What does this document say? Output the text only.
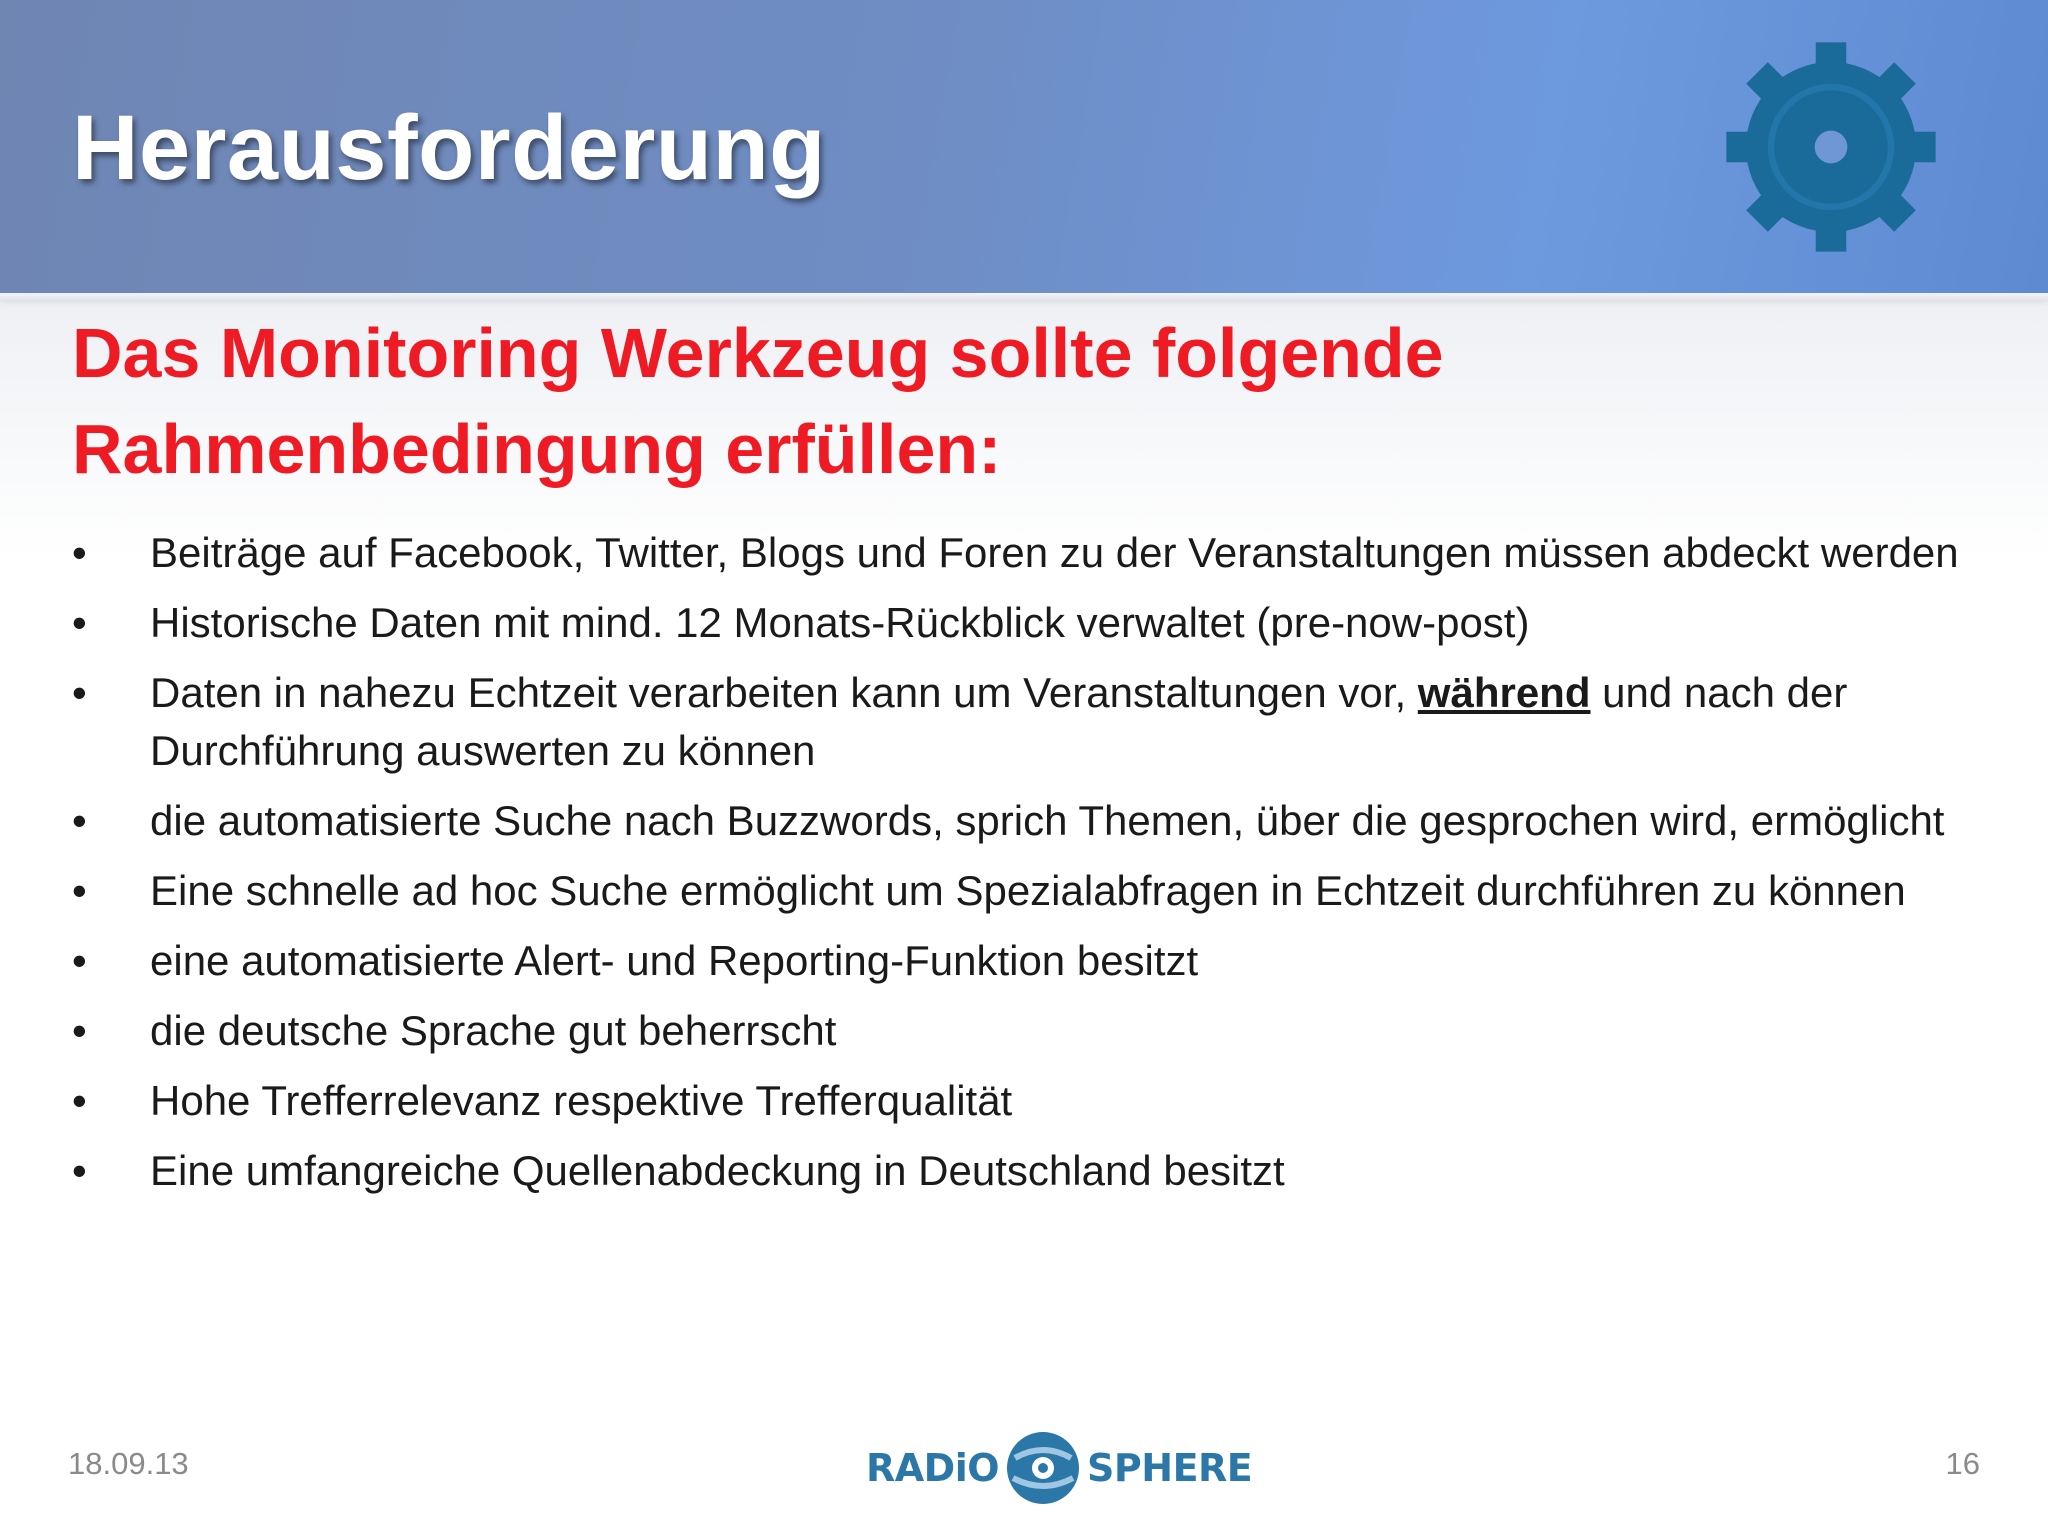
Herausforderung
Das Monitoring Werkzeug sollte folgende
Rahmenbedingung erfüllen:
•	Beiträge auf Facebook, Twitter, Blogs und Foren zu der Veranstaltungen müssen abdeckt werden
•	Historische Daten mit mind. 12 Monats-Rückblick verwaltet (pre-now-post)
•	Daten in nahezu Echtzeit verarbeiten kann um Veranstaltungen vor, während und nach der Durchführung auswerten zu können
•	die automatisierte Suche nach Buzzwords, sprich Themen, über die gesprochen wird, ermöglicht
•	Eine schnelle ad hoc Suche ermöglicht um Spezialabfragen in Echtzeit durchführen zu können
•	eine automatisierte Alert- und Reporting-Funktion besitzt
•	die deutsche Sprache gut beherrscht
•	Hohe Trefferrelevanz respektive Trefferqualität
•	Eine umfangreiche Quellenabdeckung in Deutschland besitzt
18.09.13	RADiO SPHERE	16
